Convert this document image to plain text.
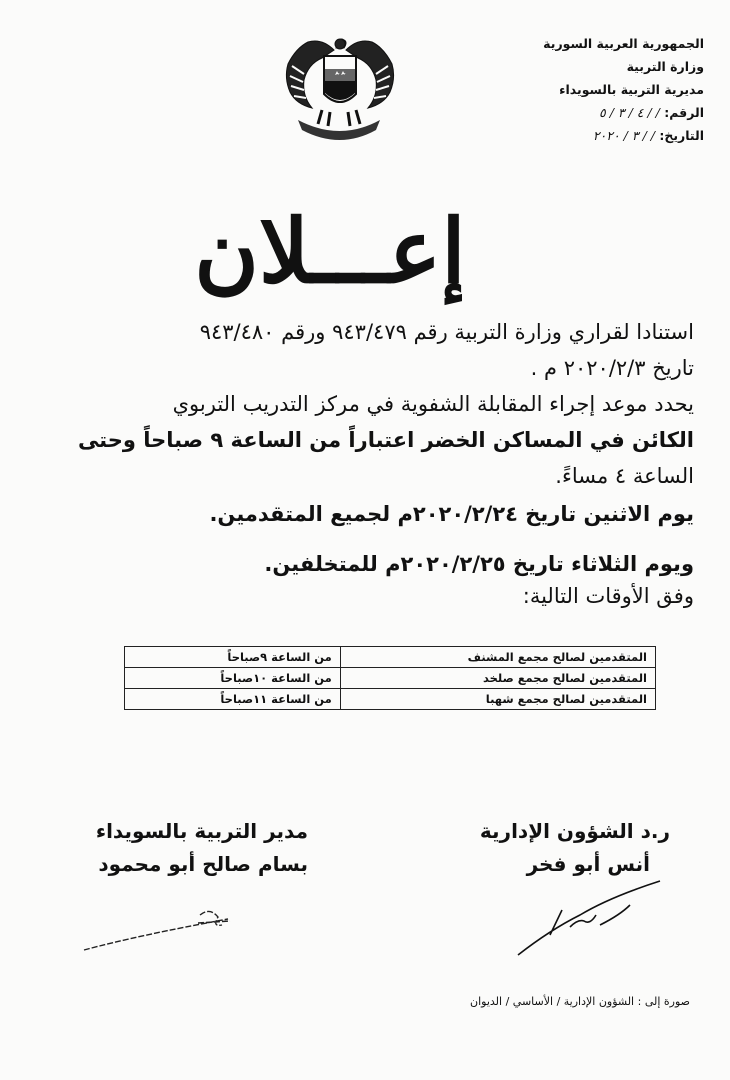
الجمهورية العربية السورية
وزارة التربية
مديرية التربية بالسويداء
الرقم: / / ٤ / ٣ / ٥
التاريخ: / / ٣ / ٢٠٢٠
إعـــلان

استنادا لقراري وزارة التربية رقم ٩٤٣/٤٧٩ ورقم ٩٤٣/٤٨٠

تاريخ ٢٠٢٠/٢/٣ م .

يحدد موعد إجراء المقابلة الشفوية في مركز التدريب التربوي

الكائن في المساكن الخضر اعتباراً من الساعة ٩ صباحاً وحتى

الساعة ٤ مساءً.

يوم الاثنين تاريخ ٢٠٢٠/٢/٢٤م لجميع المتقدمين.

ويوم الثلاثاء تاريخ ٢٠٢٠/٢/٢٥م للمتخلفين.

وفق الأوقات التالية:

المتقدمين لصالح مجمع المشنف	من الساعة ٩صباحاً
المتقدمين لصالح مجمع صلخد	من الساعة ١٠صباحاً
المتقدمين لصالح مجمع شهبا	من الساعة ١١صباحاً
ر.د الشؤون الإدارية
أنس أبو فخر
مدير التربية بالسويداء
بسام صالح أبو محمود
صورة إلى : الشؤون الإدارية / الأساسي / الديوان
